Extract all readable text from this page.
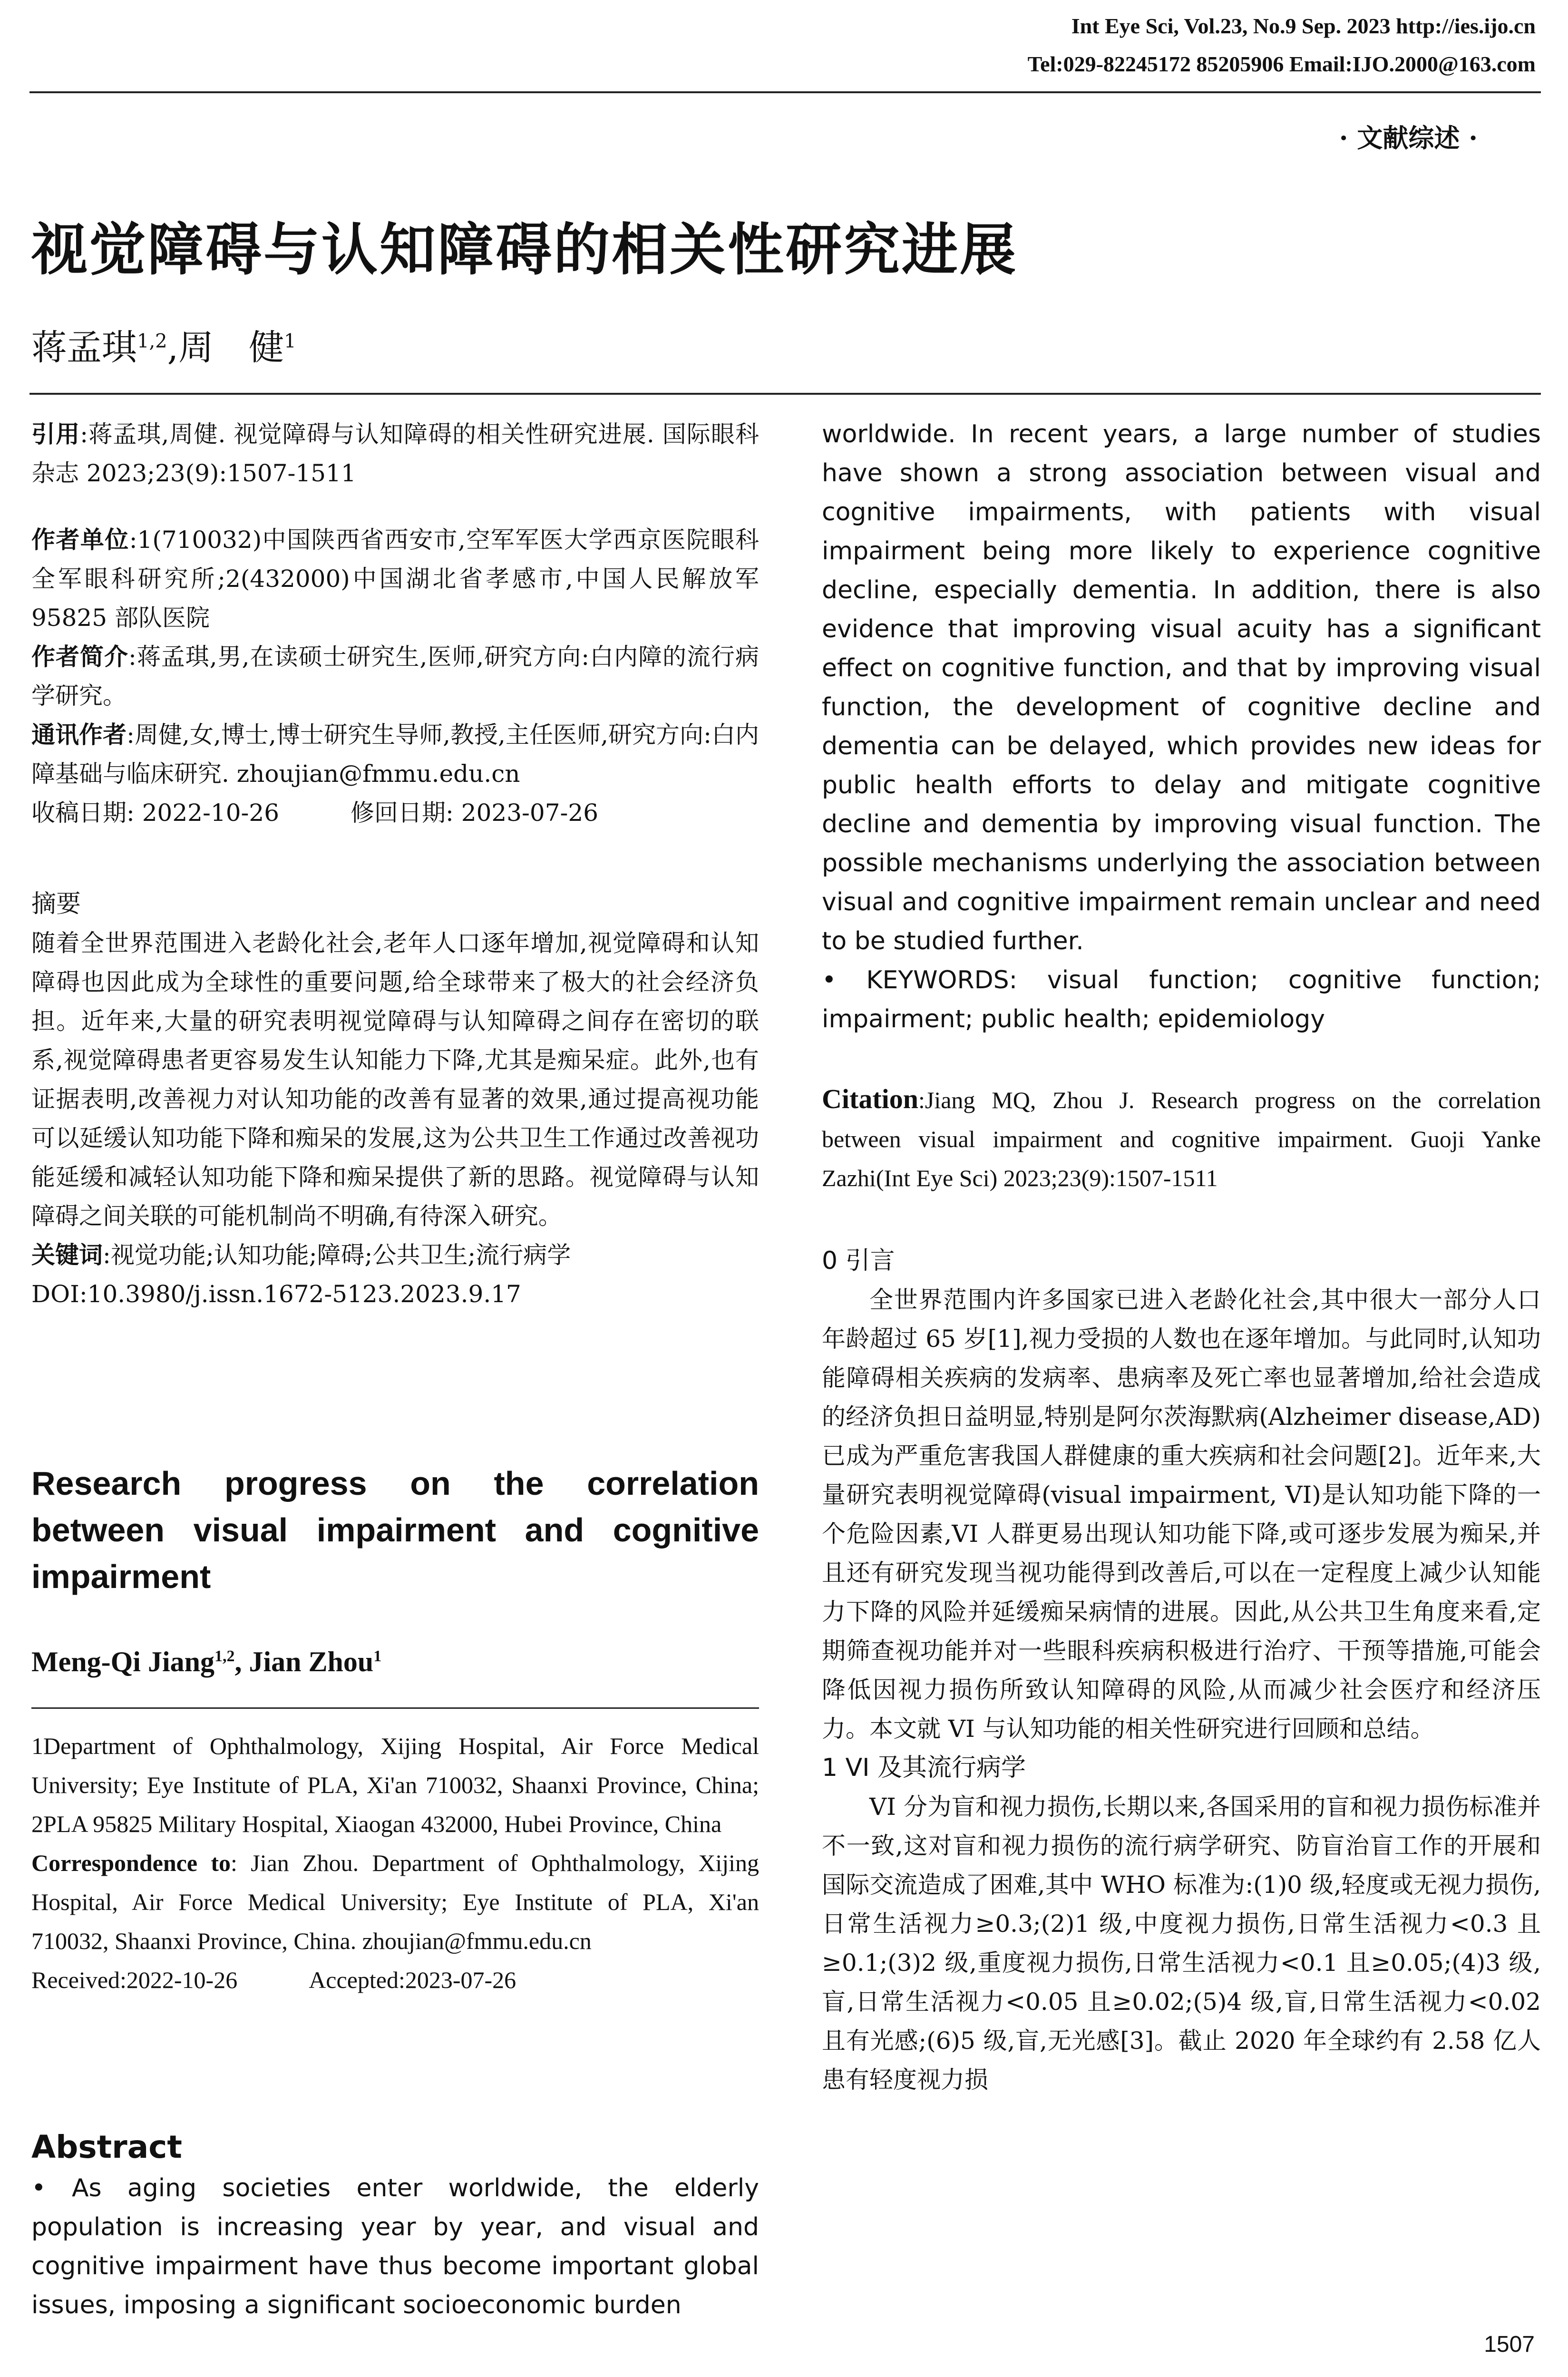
Int Eye Sci, Vol.23, No.9 Sep. 2023 http://ies.ijo.cn
Tel:029-82245172 85205906 Email:IJO.2000@163.com
· 文献综述 ·
视觉障碍与认知障碍的相关性研究进展
蒋孟琪$^{1,2}$,周　健$^1$

引用:蒋孟琪,周健. 视觉障碍与认知障碍的相关性研究进展. 国际眼科杂志 2023;23(9):1507-1511

作者单位:1(710032)中国陕西省西安市,空军军医大学西京医院眼科 全军眼科研究所;2(432000)中国湖北省孝感市,中国人民解放军 95825 部队医院

作者简介:蒋孟琪,男,在读硕士研究生,医师,研究方向:白内障的流行病学研究。

通讯作者:周健,女,博士,博士研究生导师,教授,主任医师,研究方向:白内障基础与临床研究. zhoujian@fmmu.edu.cn

收稿日期: 2022-10-26　　　修回日期: 2023-07-26

摘要

随着全世界范围进入老龄化社会,老年人口逐年增加,视觉障碍和认知障碍也因此成为全球性的重要问题,给全球带来了极大的社会经济负担。近年来,大量的研究表明视觉障碍与认知障碍之间存在密切的联系,视觉障碍患者更容易发生认知能力下降,尤其是痴呆症。此外,也有证据表明,改善视力对认知功能的改善有显著的效果,通过提高视功能可以延缓认知功能下降和痴呆的发展,这为公共卫生工作通过改善视功能延缓和减轻认知功能下降和痴呆提供了新的思路。视觉障碍与认知障碍之间关联的可能机制尚不明确,有待深入研究。

关键词:视觉功能;认知功能;障碍;公共卫生;流行病学

DOI:10.3980/j.issn.1672-5123.2023.9.17

Research progress on the correlation between visual impairment and cognitive impairment
Meng-Qi Jiang$^{1,2}$, Jian Zhou$^1$

1Department of Ophthalmology, Xijing Hospital, Air Force Medical University; Eye Institute of PLA, Xi'an 710032, Shaanxi Province, China; 2PLA 95825 Military Hospital, Xiaogan 432000, Hubei Province, China

Correspondence to: Jian Zhou. Department of Ophthalmology, Xijing Hospital, Air Force Medical University; Eye Institute of PLA, Xi'an 710032, Shaanxi Province, China. zhoujian@fmmu.edu.cn

Received:2022-10-26　　　Accepted:2023-07-26

Abstract

• As aging societies enter worldwide, the elderly population is increasing year by year, and visual and cognitive impairment have thus become important global issues, imposing a significant socioeconomic burden

worldwide. In recent years, a large number of studies have shown a strong association between visual and cognitive impairments, with patients with visual impairment being more likely to experience cognitive decline, especially dementia. In addition, there is also evidence that improving visual acuity has a significant effect on cognitive function, and that by improving visual function, the development of cognitive decline and dementia can be delayed, which provides new ideas for public health efforts to delay and mitigate cognitive decline and dementia by improving visual function. The possible mechanisms underlying the association between visual and cognitive impairment remain unclear and need to be studied further.

• KEYWORDS: visual function; cognitive function; impairment; public health; epidemiology

Citation:Jiang MQ, Zhou J. Research progress on the correlation between visual impairment and cognitive impairment. Guoji Yanke Zazhi(Int Eye Sci) 2023;23(9):1507-1511

0 引言

全世界范围内许多国家已进入老龄化社会,其中很大一部分人口年龄超过 65 岁[1],视力受损的人数也在逐年增加。与此同时,认知功能障碍相关疾病的发病率、患病率及死亡率也显著增加,给社会造成的经济负担日益明显,特别是阿尔茨海默病(Alzheimer disease,AD)已成为严重危害我国人群健康的重大疾病和社会问题[2]。近年来,大量研究表明视觉障碍(visual impairment, VI)是认知功能下降的一个危险因素,VI 人群更易出现认知功能下降,或可逐步发展为痴呆,并且还有研究发现当视功能得到改善后,可以在一定程度上减少认知能力下降的风险并延缓痴呆病情的进展。因此,从公共卫生角度来看,定期筛查视功能并对一些眼科疾病积极进行治疗、干预等措施,可能会降低因视力损伤所致认知障碍的风险,从而减少社会医疗和经济压力。本文就 VI 与认知功能的相关性研究进行回顾和总结。

1 VI 及其流行病学

VI 分为盲和视力损伤,长期以来,各国采用的盲和视力损伤标准并不一致,这对盲和视力损伤的流行病学研究、防盲治盲工作的开展和国际交流造成了困难,其中 WHO 标准为:(1)0 级,轻度或无视力损伤,日常生活视力≥0.3;(2)1 级,中度视力损伤,日常生活视力<0.3 且≥0.1;(3)2 级,重度视力损伤,日常生活视力<0.1 且≥0.05;(4)3 级,盲,日常生活视力<0.05 且≥0.02;(5)4 级,盲,日常生活视力<0.02 且有光感;(6)5 级,盲,无光感[3]。截止 2020 年全球约有 2.58 亿人患有轻度视力损

1507
